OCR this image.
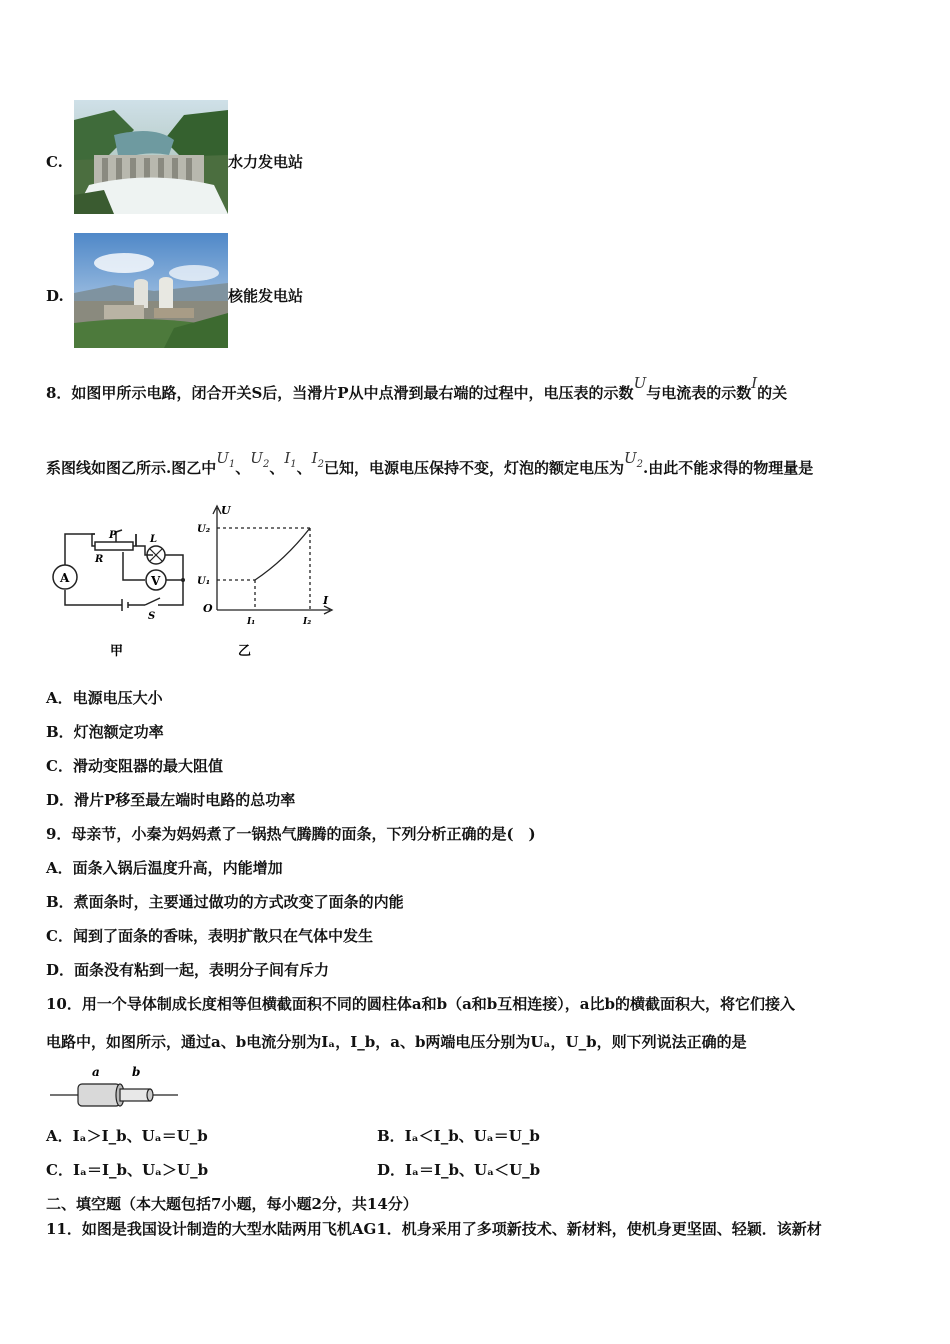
C.	水力发电站
D.	核能发电站
8．如图甲所示电路，闭合开关S后，当滑片P从中点滑到最右端的过程中，电压表的示数U与电流表的示数I的关
系图线如图乙所示.图乙中$U_1$、$U_2$、$I_1$、$I_2$已知，电源电压保持不变，灯泡的额定电压为$U_2$.由此不能求得的物理量是
A	V
P
R
L
S
甲
U
I
O
U₂
U₁
I₁	I₂
乙
A．电源电压大小
B．灯泡额定功率
C．滑动变阻器的最大阻值
D．滑片P移至最左端时电路的总功率
9．母亲节，小秦为妈妈煮了一锅热气腾腾的面条，下列分析正确的是(　)
A．面条入锅后温度升高，内能增加
B．煮面条时，主要通过做功的方式改变了面条的内能
C．闻到了面条的香味，表明扩散只在气体中发生
D．面条没有粘到一起，表明分子间有斥力
10．用一个导体制成长度相等但横截面积不同的圆柱体a和b（a和b互相连接），a比b的横截面积大，将它们接入
电路中，如图所示，通过a、b电流分别为Iₐ，I_b，a、b两端电压分别为Uₐ，U_b，则下列说法正确的是
a	b
A．Iₐ＞I_b、Uₐ＝U_b	B．Iₐ＜I_b、Uₐ＝U_b
C．Iₐ＝I_b、Uₐ＞U_b	D．Iₐ＝I_b、Uₐ＜U_b
二、填空题（本大题包括7小题，每小题2分，共14分）
11．如图是我国设计制造的大型水陆两用飞机AG1．机身采用了多项新技术、新材料，使机身更坚固、轻颖．该新材
